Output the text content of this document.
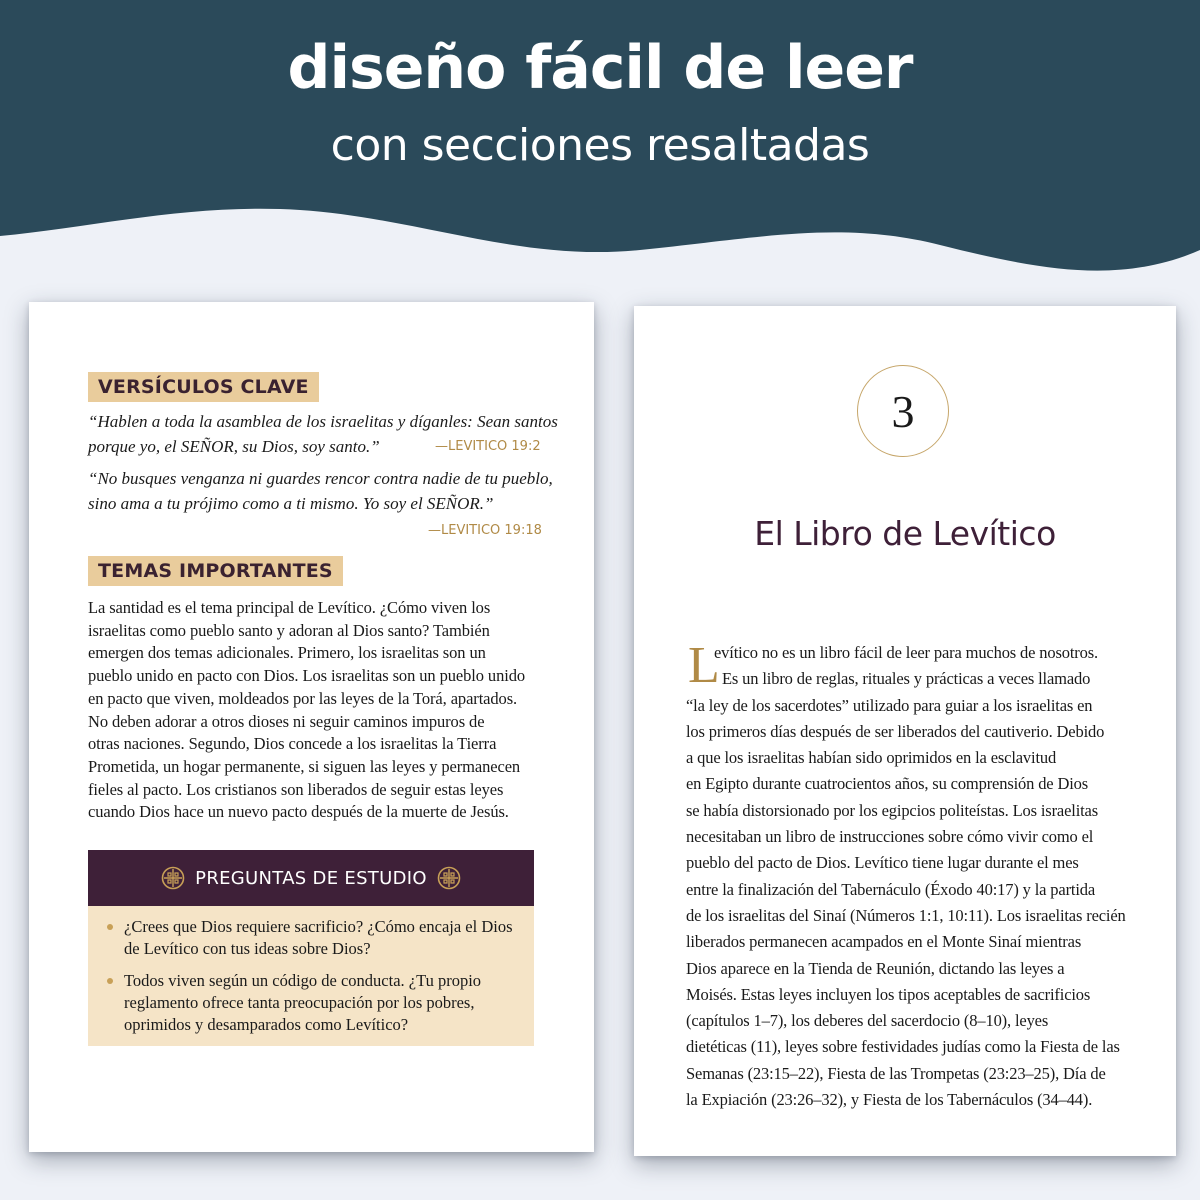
diseño fácil de leer
con secciones resaltadas
VERSÍCULOS CLAVE
“Hablen a toda la asamblea de los israelitas y díganles: Sean santos
porque yo, el SEÑOR, su Dios, soy santo.”	—LEVITICO 19:2
“No busques venganza ni guardes rencor contra nadie de tu pueblo,
sino ama a tu prójimo como a ti mismo. Yo soy el SEÑOR.”
—LEVITICO 19:18
TEMAS IMPORTANTES
La santidad es el tema principal de Levítico. ¿Cómo viven los
israelitas como pueblo santo y adoran al Dios santo? También
emergen dos temas adicionales. Primero, los israelitas son un
pueblo unido en pacto con Dios. Los israelitas son un pueblo unido
en pacto que viven, moldeados por las leyes de la Torá, apartados.
No deben adorar a otros dioses ni seguir caminos impuros de
otras naciones. Segundo, Dios concede a los israelitas la Tierra
Prometida, un hogar permanente, si siguen las leyes y permanecen
fieles al pacto. Los cristianos son liberados de seguir estas leyes
cuando Dios hace un nuevo pacto después de la muerte de Jesús.
PREGUNTAS DE ESTUDIO
¿Crees que Dios requiere sacrificio? ¿Cómo encaja el Dios
de Levítico con tus ideas sobre Dios?
Todos viven según un código de conducta. ¿Tu propio
reglamento ofrece tanta preocupación por los pobres,
oprimidos y desamparados como Levítico?
3
El Libro de Levítico
L
evítico no es un libro fácil de leer para muchos de nosotros.
Es un libro de reglas, rituales y prácticas a veces llamado
“la ley de los sacerdotes” utilizado para guiar a los israelitas en
los primeros días después de ser liberados del cautiverio. Debido
a que los israelitas habían sido oprimidos en la esclavitud
en Egipto durante cuatrocientos años, su comprensión de Dios
se había distorsionado por los egipcios politeístas. Los israelitas
necesitaban un libro de instrucciones sobre cómo vivir como el
pueblo del pacto de Dios. Levítico tiene lugar durante el mes
entre la finalización del Tabernáculo (Éxodo 40:17) y la partida
de los israelitas del Sinaí (Números 1:1, 10:11). Los israelitas recién
liberados permanecen acampados en el Monte Sinaí mientras
Dios aparece en la Tienda de Reunión, dictando las leyes a
Moisés. Estas leyes incluyen los tipos aceptables de sacrificios
(capítulos 1–7), los deberes del sacerdocio (8–10), leyes
dietéticas (11), leyes sobre festividades judías como la Fiesta de las
Semanas (23:15–22), Fiesta de las Trompetas (23:23–25), Día de
la Expiación (23:26–32), y Fiesta de los Tabernáculos (34–44).
